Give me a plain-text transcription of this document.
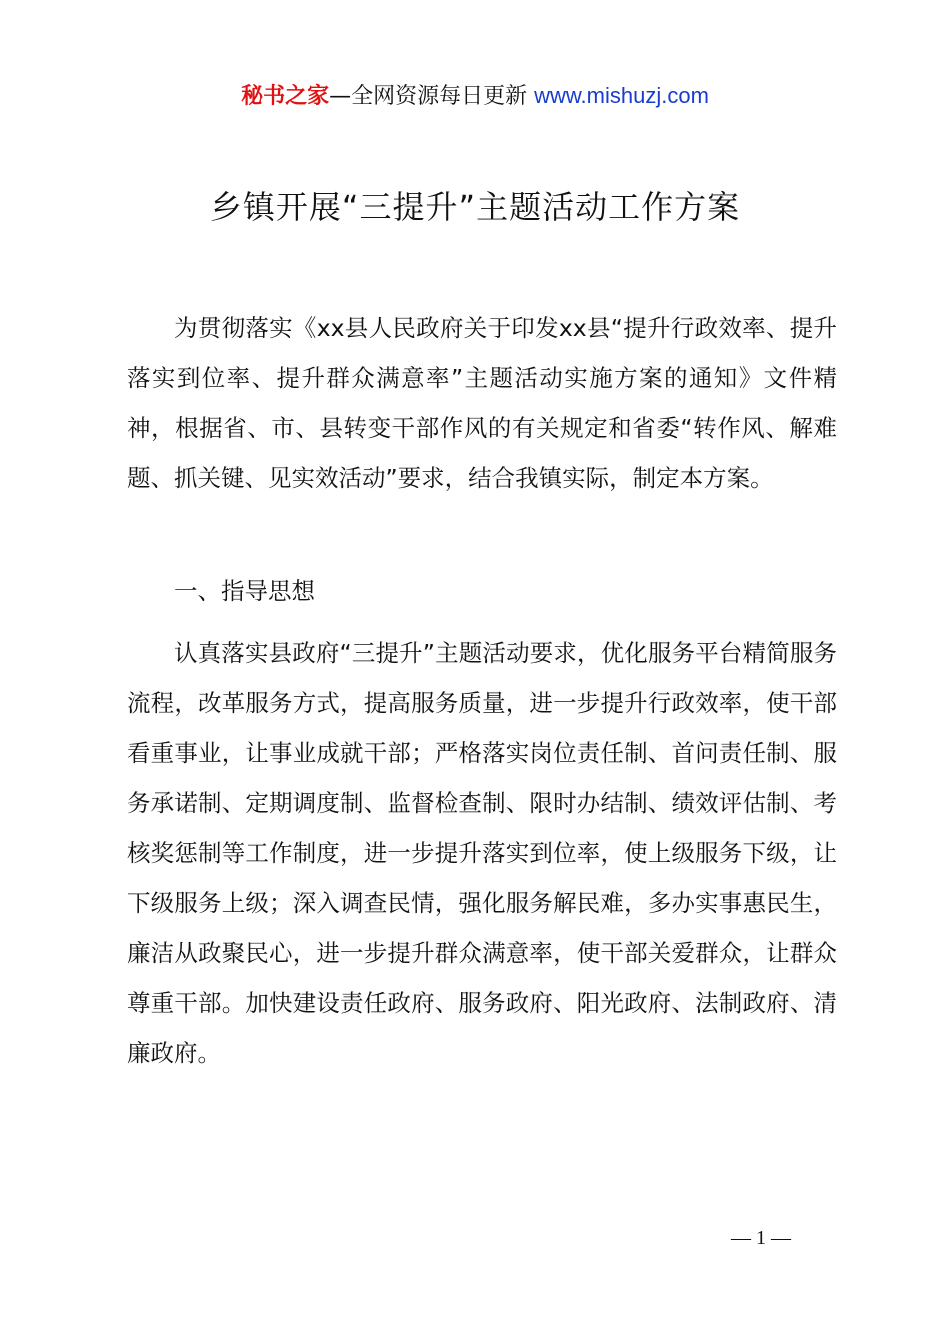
秘书之家—全网资源每日更新 www.mishuzj.com
乡镇开展“三提升”主题活动工作方案

为贯彻落实《xx县人民政府关于印发xx县“提升行政效率、提升落实到位率、提升群众满意率”主题活动实施方案的通知》文件精神，根据省、市、县转变干部作风的有关规定和省委“转作风、解难题、抓关键、见实效活动”要求，结合我镇实际，制定本方案。

一、指导思想

认真落实县政府“三提升”主题活动要求，优化服务平台精简服务流程，改革服务方式，提高服务质量，进一步提升行政效率，使干部看重事业，让事业成就干部；严格落实岗位责任制、首问责任制、服务承诺制、定期调度制、监督检查制、限时办结制、绩效评估制、考核奖惩制等工作制度，进一步提升落实到位率，使上级服务下级，让下级服务上级；深入调查民情，强化服务解民难，多办实事惠民生，廉洁从政聚民心，进一步提升群众满意率，使干部关爱群众，让群众尊重干部。加快建设责任政府、服务政府、阳光政府、法制政府、清廉政府。

— 1 —
